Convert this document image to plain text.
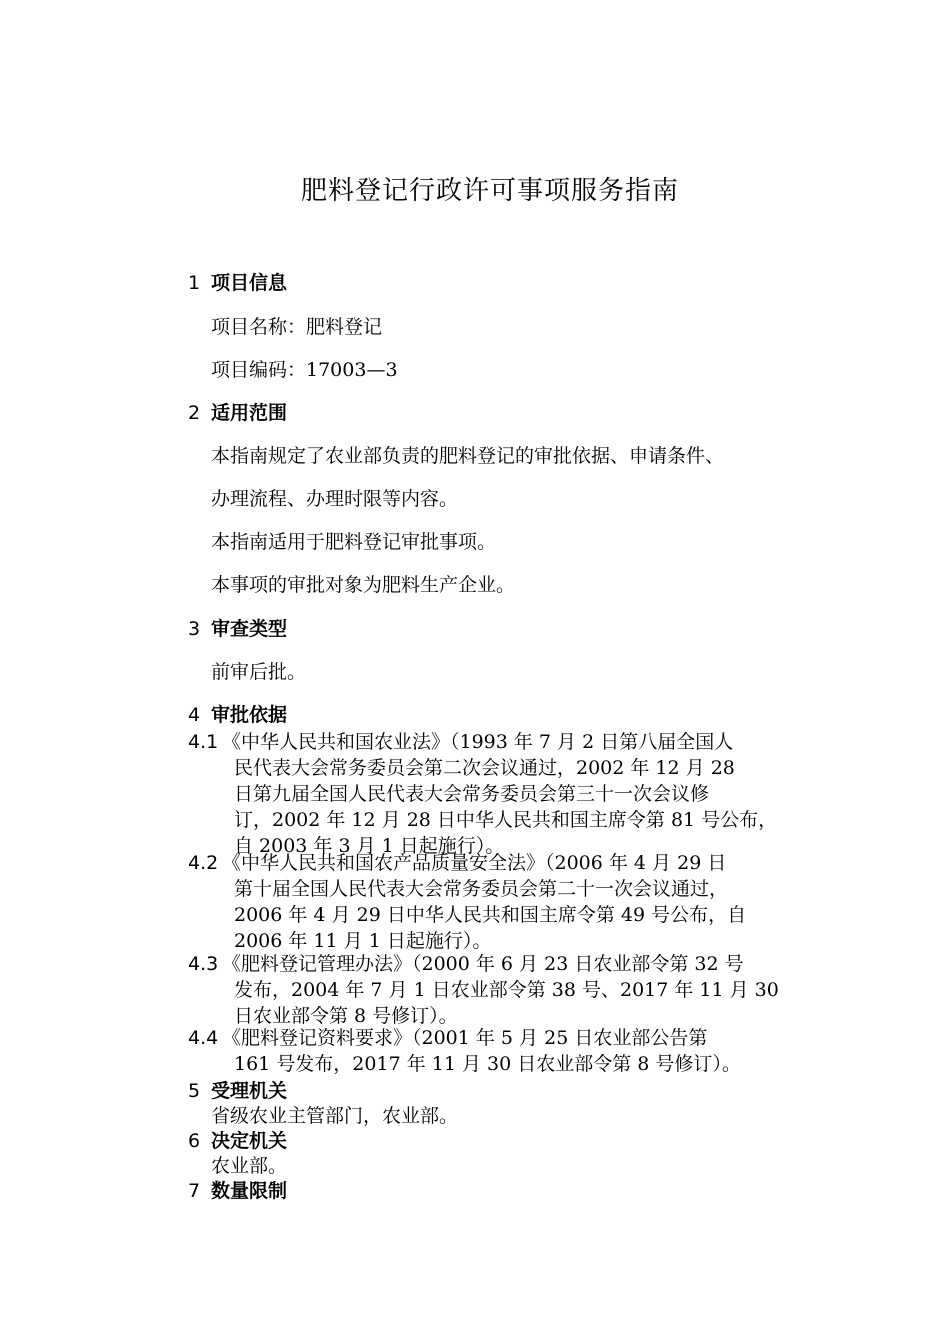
肥料登记行政许可事项服务指南
1 项目信息
项目名称：肥料登记
项目编码：17003—3
2 适用范围
本指南规定了农业部负责的肥料登记的审批依据、申请条件、
办理流程、办理时限等内容。
本指南适用于肥料登记审批事项。
本事项的审批对象为肥料生产企业。
3 审查类型
前审后批。
4 审批依据
4.1 《中华人民共和国农业法》（1993 年 7 月 2 日第八届全国人
民代表大会常务委员会第二次会议通过，2002 年 12 月 28
日第九届全国人民代表大会常务委员会第三十一次会议修
订，2002 年 12 月 28 日中华人民共和国主席令第 81 号公布，
自 2003 年 3 月 1 日起施行）。
4.2 《中华人民共和国农产品质量安全法》（2006 年 4 月 29 日
第十届全国人民代表大会常务委员会第二十一次会议通过，
2006 年 4 月 29 日中华人民共和国主席令第 49 号公布，自
2006 年 11 月 1 日起施行）。
4.3 《肥料登记管理办法》（2000 年 6 月 23 日农业部令第 32 号
发布，2004 年 7 月 1 日农业部令第 38 号、2017 年 11 月 30
日农业部令第 8 号修订）。
4.4 《肥料登记资料要求》（2001 年 5 月 25 日农业部公告第
161 号发布，2017 年 11 月 30 日农业部令第 8 号修订）。
5 受理机关
省级农业主管部门，农业部。
6 决定机关
农业部。
7 数量限制
